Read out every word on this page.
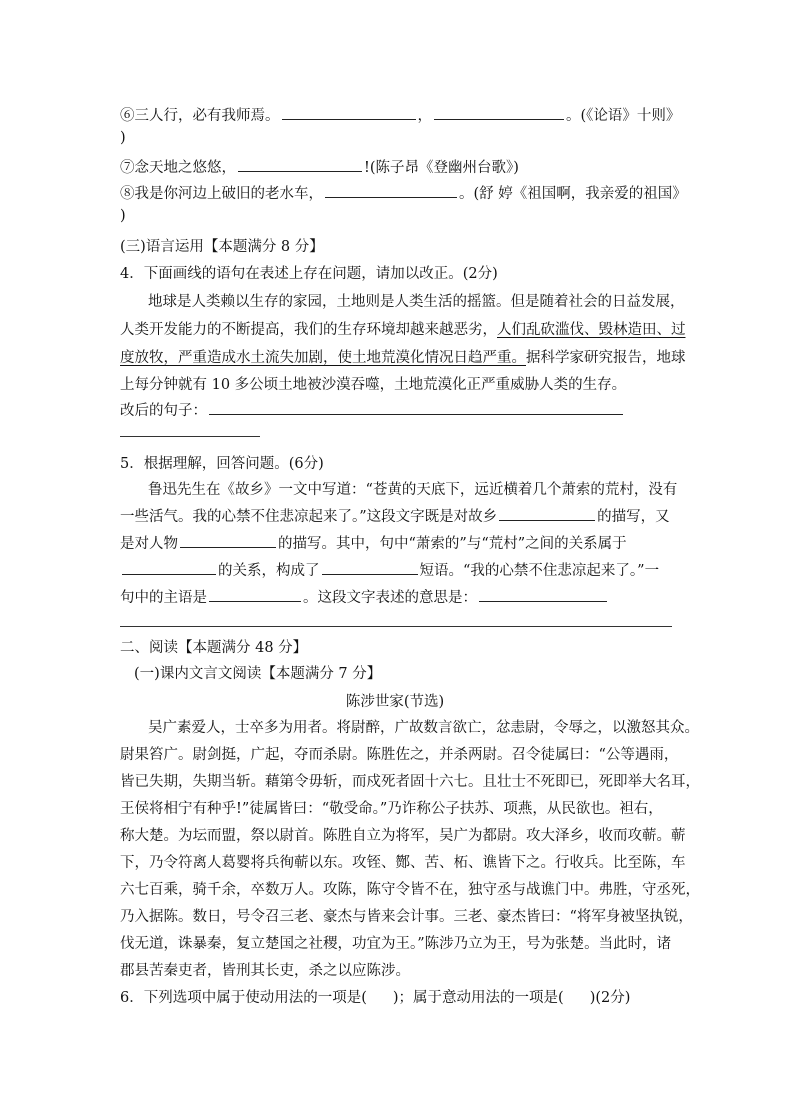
⑥三人行，必有我师焉。	，	。(《论语》十则》
)
⑦念天地之悠悠，	!(陈子昂《登幽州台歌》)
⑧我是你河边上破旧的老水车，	。(舒 婷《祖国啊，我亲爱的祖国》
)
(三)语言运用【本题满分 8 分】
4．下面画线的语句在表述上存在问题，请加以改正。(2分)
地球是人类赖以生存的家园，土地则是人类生活的摇篮。但是随着社会的日益发展，
人类开发能力的不断提高，我们的生存环境却越来越恶劣，人们乱砍滥伐、毁林造田、过
度放牧，严重造成水土流失加剧，使土地荒漠化情况日趋严重。据科学家研究报告，地球
上每分钟就有 10 多公顷土地被沙漠吞噬，土地荒漠化正严重威胁人类的生存。
改后的句子：
5．根据理解，回答问题。(6分)
鲁迅先生在《故乡》一文中写道：“苍黄的天底下，远近横着几个萧索的荒村，没有
一些活气。我的心禁不住悲凉起来了。”这段文字既是对故乡	的描写，又
是对人物	的描写。其中，句中“萧索的”与“荒村”之间的关系属于
的关系，构成了	短语。“我的心禁不住悲凉起来了。”一
句中的主语是	。这段文字表述的意思是：
二、阅读【本题满分 48 分】
(一)课内文言文阅读【本题满分 7 分】
陈涉世家(节选)
吴广素爱人，士卒多为用者。将尉醉，广故数言欲亡，忿恚尉，令辱之，以激怒其众。
尉果笞广。尉剑挺，广起，夺而杀尉。陈胜佐之，并杀两尉。召令徒属曰：“公等遇雨，
皆已失期，失期当斩。藉第令毋斩，而戍死者固十六七。且壮士不死即已，死即举大名耳，
王侯将相宁有种乎!”徒属皆曰：“敬受命。”乃诈称公子扶苏、项燕，从民欲也。袒右，
称大楚。为坛而盟，祭以尉首。陈胜自立为将军，吴广为都尉。攻大泽乡，收而攻蕲。蕲
下，乃令符离人葛婴将兵徇蕲以东。攻铚、酂、苦、柘、谯皆下之。行收兵。比至陈，车
六七百乘，骑千余，卒数万人。攻陈，陈守令皆不在，独守丞与战谯门中。弗胜，守丞死，
乃入据陈。数日，号令召三老、豪杰与皆来会计事。三老、豪杰皆曰：“将军身被坚执锐，
伐无道，诛暴秦，复立楚国之社稷，功宜为王。”陈涉乃立为王，号为张楚。当此时，诸
郡县苦秦吏者，皆刑其长吏，杀之以应陈涉。
6．下列选项中属于使动用法的一项是( )；属于意动用法的一项是( )(2分)
